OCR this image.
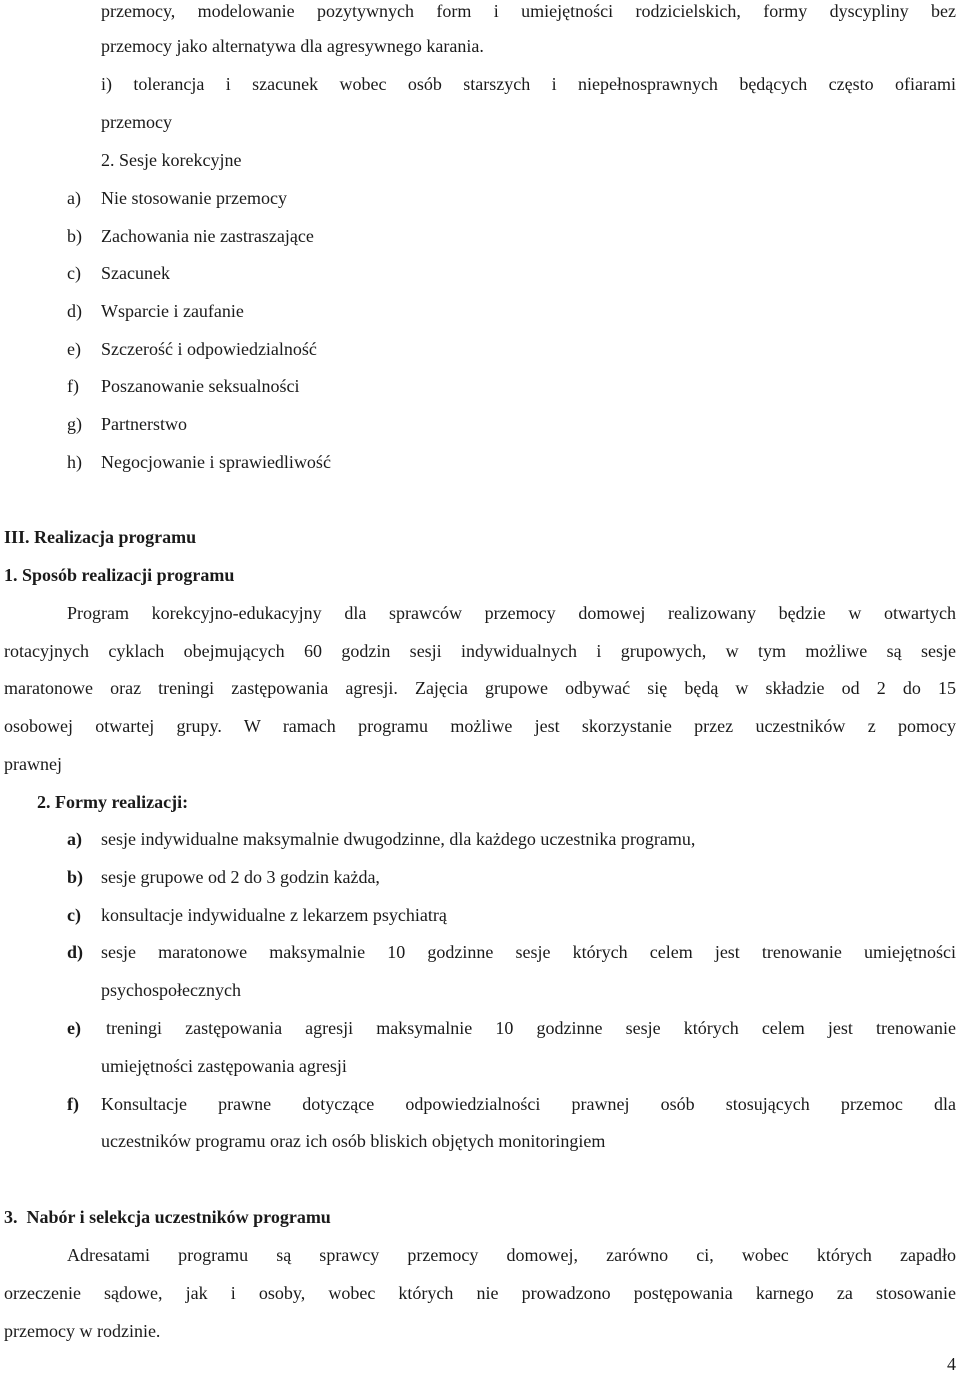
przemocy, modelowanie pozytywnych form i umiejętności rodzicielskich, formy dyscypliny bez
przemocy jako alternatywa dla agresywnego karania.
i) tolerancja i szacunek wobec osób starszych i niepełnosprawnych będących często ofiarami
przemocy
2. Sesje korekcyjne
a) Nie stosowanie przemocy
b) Zachowania nie zastraszające
c) Szacunek
d) Wsparcie i zaufanie
e) Szczerość i odpowiedzialność
f) Poszanowanie seksualności
g) Partnerstwo
h) Negocjowanie i sprawiedliwość
III. Realizacja programu
1. Sposób realizacji programu
Program korekcyjno-edukacyjny dla sprawców przemocy domowej realizowany będzie w otwartych
rotacyjnych cyklach obejmujących 60 godzin sesji indywidualnych i grupowych, w tym możliwe są sesje
maratonowe oraz treningi zastępowania agresji. Zajęcia grupowe odbywać się będą w składzie od 2 do 15
osobowej otwartej grupy. W ramach programu możliwe jest skorzystanie przez uczestników z pomocy
prawnej
2. Formy realizacji:
a) sesje indywidualne maksymalnie dwugodzinne, dla każdego uczestnika programu,
b) sesje grupowe od 2 do 3 godzin każda,
c) konsultacje indywidualne z lekarzem psychiatrą
d) sesje maratonowe maksymalnie 10 godzinne sesje których celem jest trenowanie umiejętności
psychospołecznych
e) treningi zastępowania agresji maksymalnie 10 godzinne sesje których celem jest trenowanie
umiejętności zastępowania agresji
f) Konsultacje prawne dotyczące odpowiedzialności prawnej osób stosujących przemoc dla
uczestników programu oraz ich osób bliskich objętych monitoringiem
3.  Nabór i selekcja uczestników programu
Adresatami programu są sprawcy przemocy domowej, zarówno ci, wobec których zapadło
orzeczenie sądowe, jak i osoby, wobec których nie prowadzono postępowania karnego za stosowanie
przemocy w rodzinie.
4
